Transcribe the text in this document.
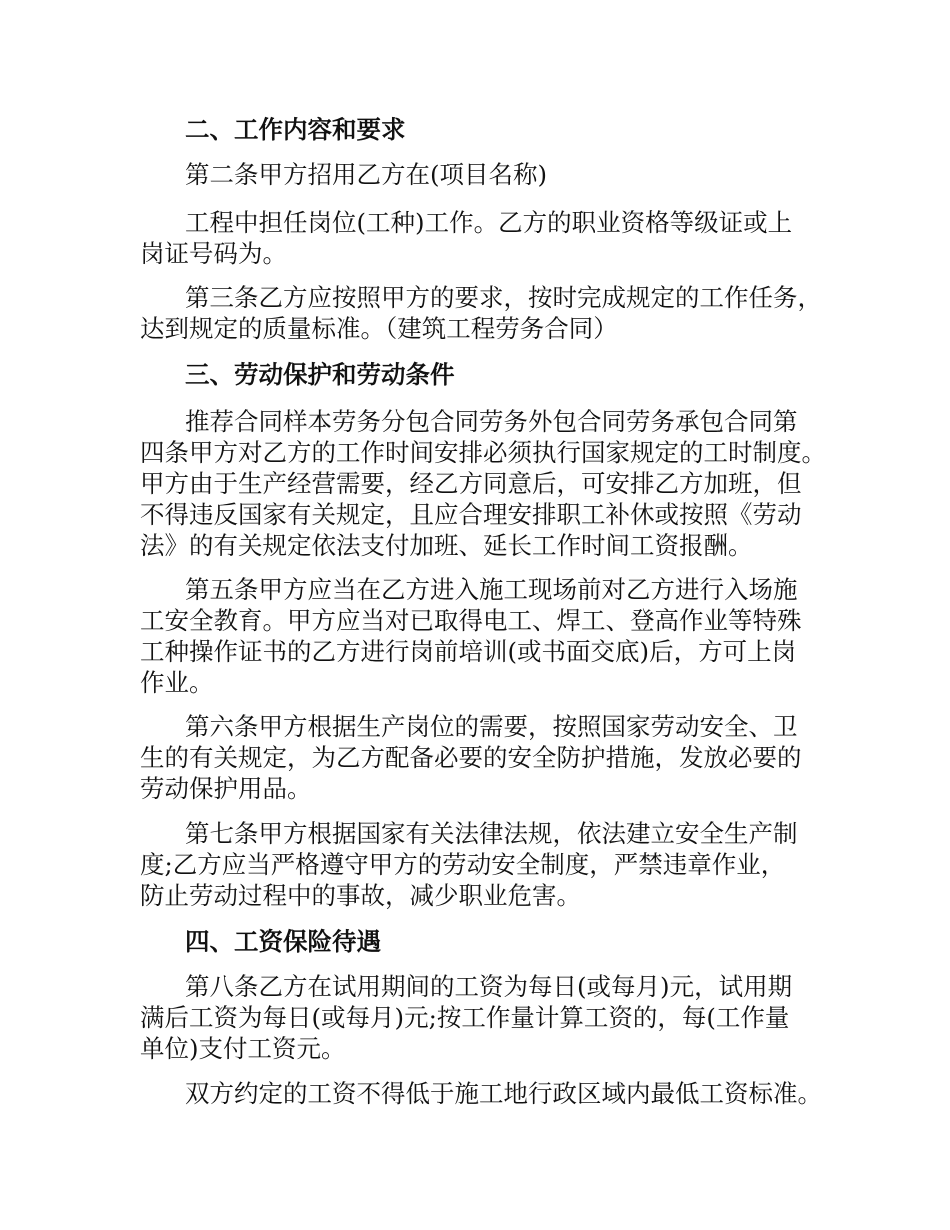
二、工作内容和要求
第二条甲方招用乙方在(项目名称)
工程中担任岗位(工种)工作。乙方的职业资格等级证或上
岗证号码为。
第三条乙方应按照甲方的要求，按时完成规定的工作任务，
达到规定的质量标准。（建筑工程劳务合同）
三、劳动保护和劳动条件
推荐合同样本劳务分包合同劳务外包合同劳务承包合同第
四条甲方对乙方的工作时间安排必须执行国家规定的工时制度。
甲方由于生产经营需要，经乙方同意后，可安排乙方加班，但
不得违反国家有关规定，且应合理安排职工补休或按照《劳动
法》的有关规定依法支付加班、延长工作时间工资报酬。
第五条甲方应当在乙方进入施工现场前对乙方进行入场施
工安全教育。甲方应当对已取得电工、焊工、登高作业等特殊
工种操作证书的乙方进行岗前培训(或书面交底)后，方可上岗
作业。
第六条甲方根据生产岗位的需要，按照国家劳动安全、卫
生的有关规定，为乙方配备必要的安全防护措施，发放必要的
劳动保护用品。
第七条甲方根据国家有关法律法规，依法建立安全生产制
度;乙方应当严格遵守甲方的劳动安全制度，严禁违章作业，
防止劳动过程中的事故，减少职业危害。
四、工资保险待遇
第八条乙方在试用期间的工资为每日(或每月)元，试用期
满后工资为每日(或每月)元;按工作量计算工资的，每(工作量
单位)支付工资元。
双方约定的工资不得低于施工地行政区域内最低工资标准。
